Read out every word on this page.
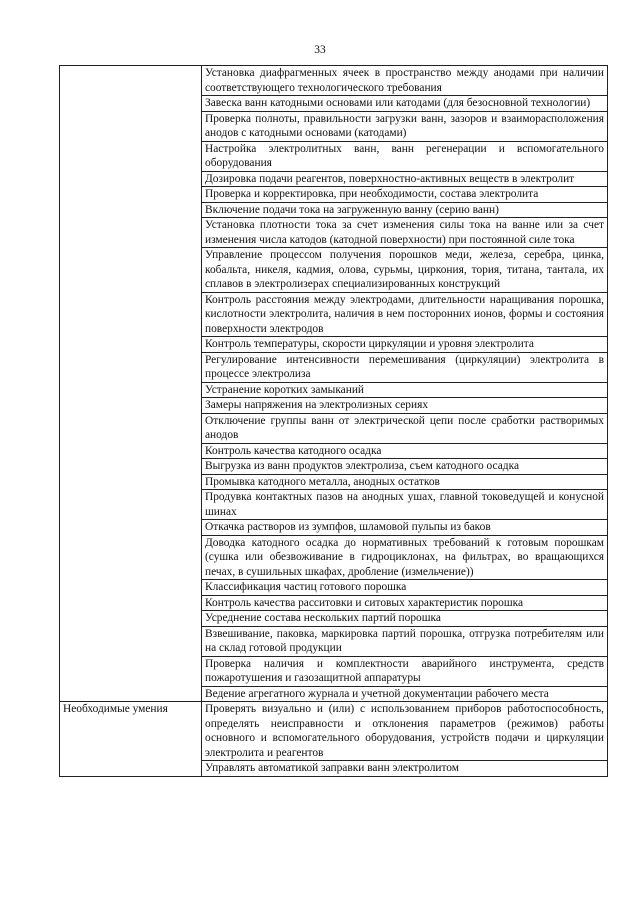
33
	Установка диафрагменных ячеек в пространство между анодами при наличии соответствующего технологического требования
	Завеска ванн катодными основами или катодами (для безосновной технологии)
	Проверка полноты, правильности загрузки ванн, зазоров и взаиморасположения анодов с катодными основами (катодами)
	Настройка электролитных ванн, ванн регенерации и вспомогательного оборудования
	Дозировка подачи реагентов, поверхностно-активных веществ в электролит
	Проверка и корректировка, при необходимости, состава электролита
	Включение подачи тока на загруженную ванну (серию ванн)
	Установка плотности тока за счет изменения силы тока на ванне или за счет изменения числа катодов (катодной поверхности) при постоянной силе тока
	Управление процессом получения порошков меди, железа, серебра, цинка, кобальта, никеля, кадмия, олова, сурьмы, циркония, тория, титана, тантала, их сплавов в электролизерах специализированных конструкций
	Контроль расстояния между электродами, длительности наращивания порошка, кислотности электролита, наличия в нем посторонних ионов, формы и состояния поверхности электродов
	Контроль температуры, скорости циркуляции и уровня электролита
	Регулирование интенсивности перемешивания (циркуляции) электролита в процессе электролиза
	Устранение коротких замыканий
	Замеры напряжения на электролизных сериях
	Отключение группы ванн от электрической цепи после сработки растворимых анодов
	Контроль качества катодного осадка
	Выгрузка из ванн продуктов электролиза, съем катодного осадка
	Промывка катодного металла, анодных остатков
	Продувка контактных пазов на анодных ушах, главной токоведущей и конусной шинах
	Откачка растворов из зумпфов, шламовой пульпы из баков
	Доводка катодного осадка до нормативных требований к готовым порошкам (сушка или обезвоживание в гидроциклонах, на фильтрах, во вращающихся печах, в сушильных шкафах, дробление (измельчение))
	Классификация частиц готового порошка
	Контроль качества расситовки и ситовых характеристик порошка
	Усреднение состава нескольких партий порошка
	Взвешивание, паковка, маркировка партий порошка, отгрузка потребителям или на склад готовой продукции
	Проверка наличия и комплектности аварийного инструмента, средств пожаротушения и газозащитной аппаратуры
	Ведение агрегатного журнала и учетной документации рабочего места
Необходимые умения	Проверять визуально и (или) с использованием приборов работоспособность, определять неисправности и отклонения параметров (режимов) работы основного и вспомогательного оборудования, устройств подачи и циркуляции электролита и реагентов
	Управлять автоматикой заправки ванн электролитом
